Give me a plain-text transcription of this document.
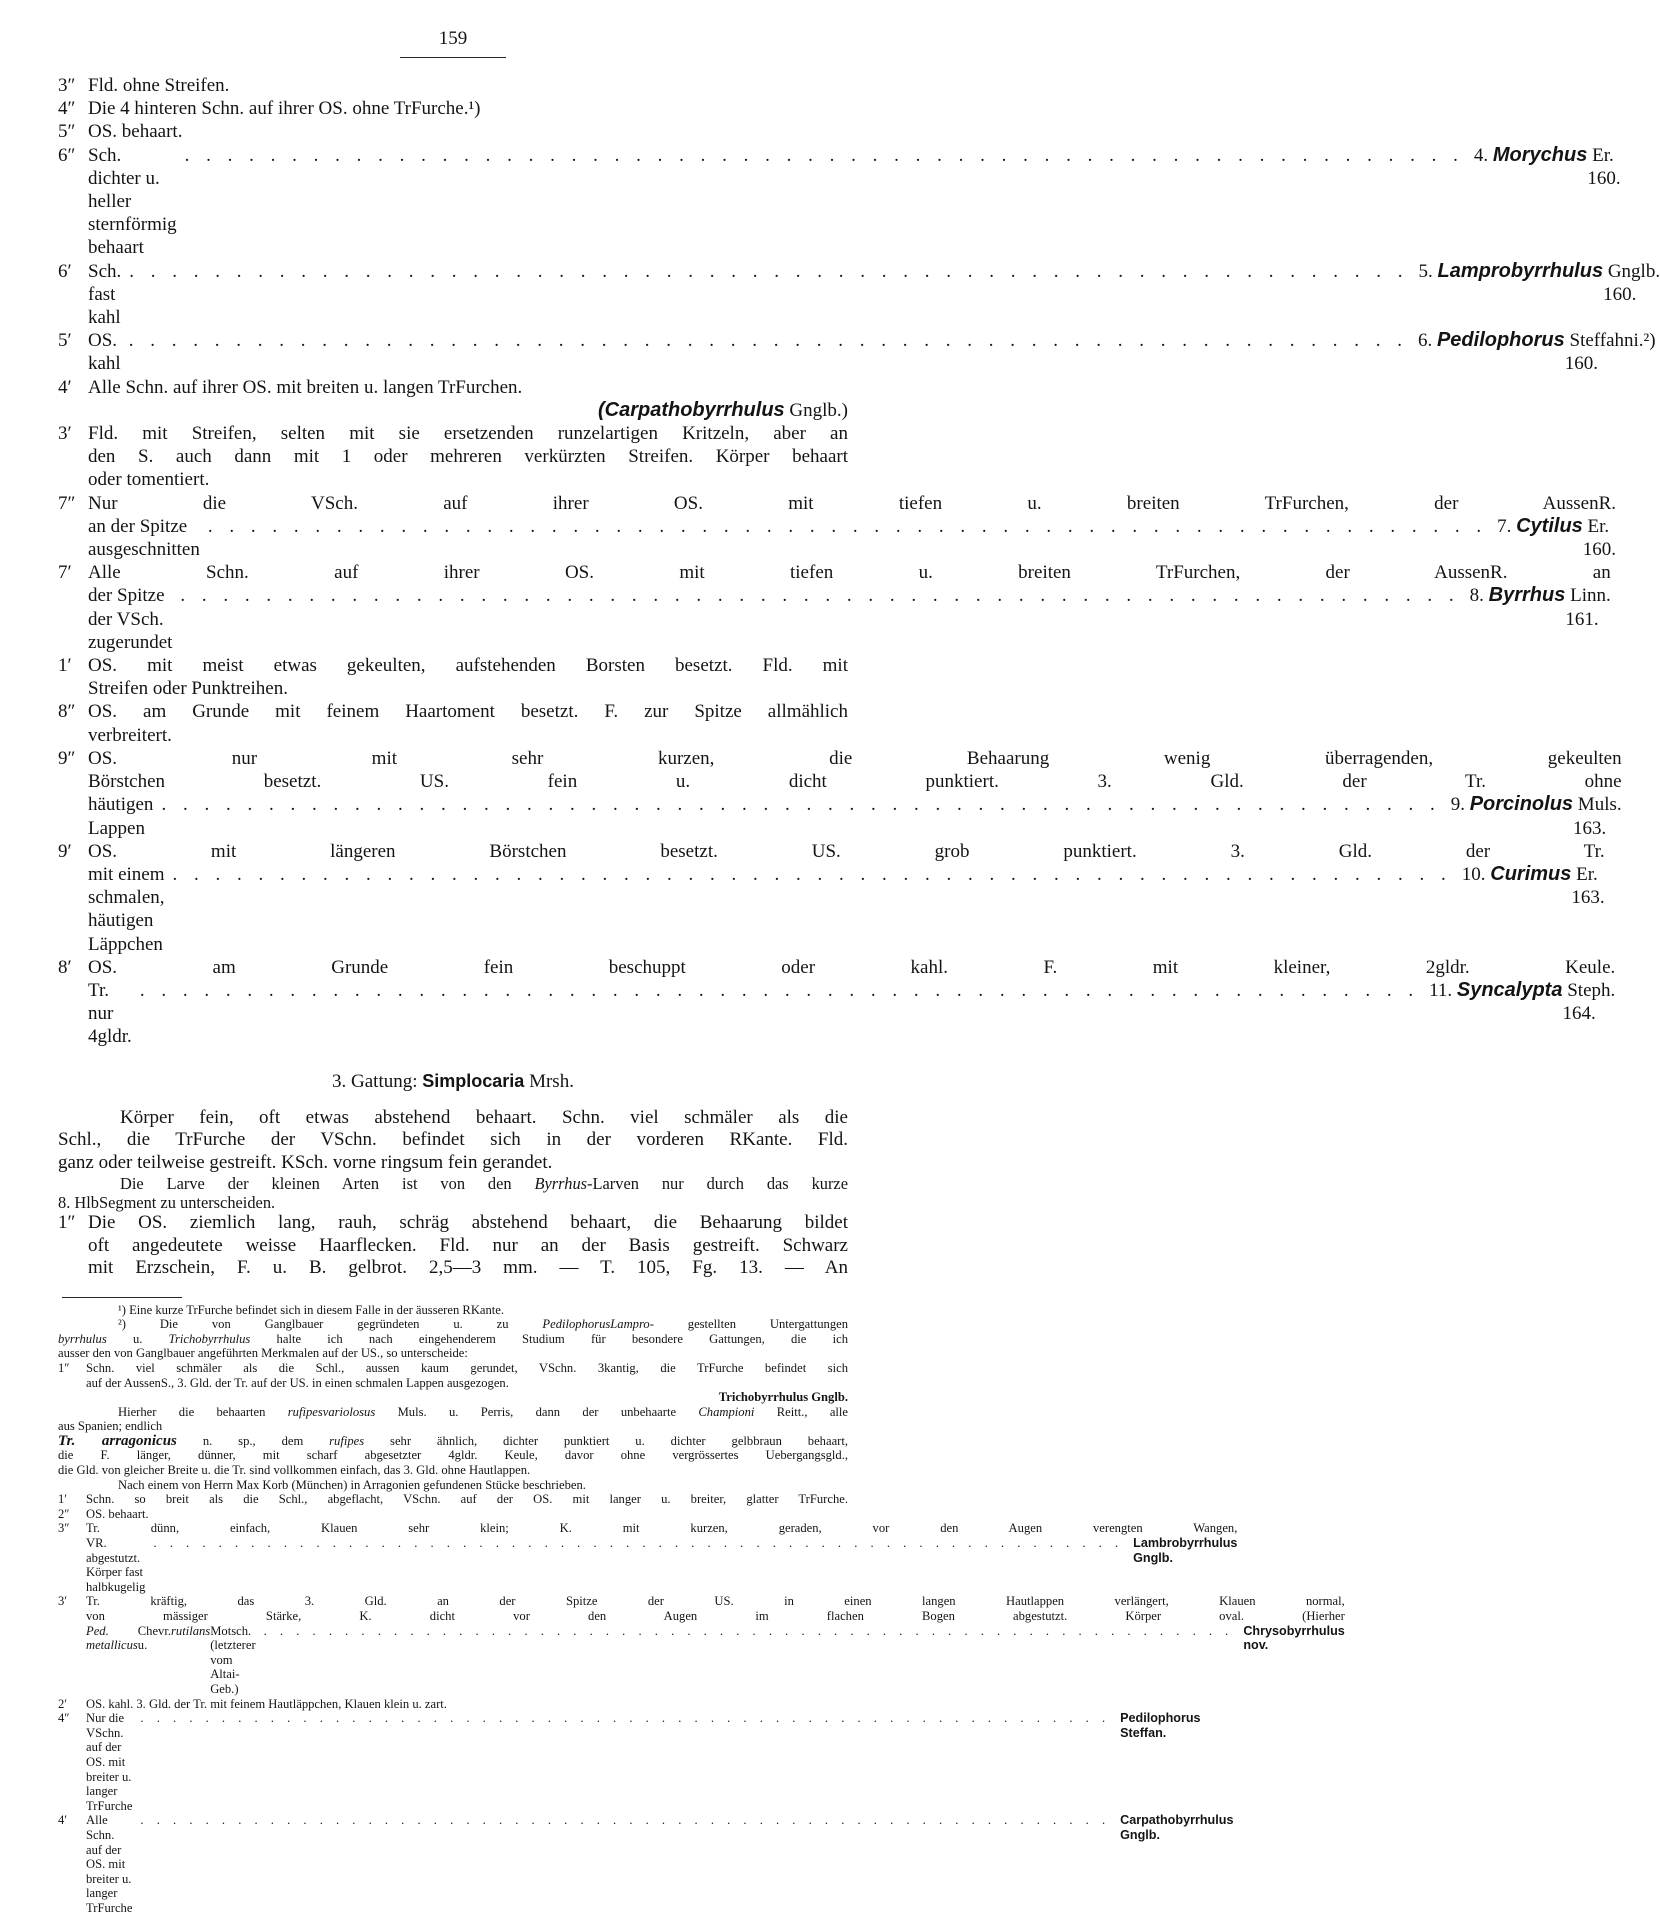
159
3″ Fld. ohne Streifen.
4″ Die 4 hinteren Schn. auf ihrer OS. ohne TrFurche.¹)
5″ OS. behaart.
6″ Sch. dichter u. heller sternförmig behaart
. . . . . . . . . . . . . . . . . . . . . . . . . . . . . . . . . . . . . . . . . . . . . . . . . . . . . . . . . . . . 4. Morychus Er. 160.
6′ Sch. fast kahl
. . . . . . . . . . . . . . . . . . . . . . . . . . . . . . . . . . . . . . . . . . . . . . . . . . . . . . . . . . . . 5. Lamprobyrrhulus Gnglb. 160.
5′ OS. kahl
. . . . . . . . . . . . . . . . . . . . . . . . . . . . . . . . . . . . . . . . . . . . . . . . . . . . . . . . . . . . 6. Pedilophorus Steffahni.²) 160.
4′ Alle Schn. auf ihrer OS. mit breiten u. langen TrFurchen.
(Carpathobyrrhulus Gnglb.)
3′ Fld. mit Streifen, selten mit sie ersetzenden runzelartigen Kritzeln, aber an
den S. auch dann mit 1 oder mehreren verkürzten Streifen. Körper behaart
oder tomentiert.
7″ Nur die VSch. auf ihrer OS. mit tiefen u. breiten TrFurchen, der AussenR.
an der Spitze ausgeschnitten
. . . . . . . . . . . . . . . . . . . . . . . . . . . . . . . . . . . . . . . . . . . . . . . . . . . . . . . . . . . . 7. Cytilus Er. 160.
7′ Alle Schn. auf ihrer OS. mit tiefen u. breiten TrFurchen, der AussenR. an
der Spitze der VSch. zugerundet
. . . . . . . . . . . . . . . . . . . . . . . . . . . . . . . . . . . . . . . . . . . . . . . . . . . . . . . . . . . . 8. Byrrhus Linn. 161.
1′ OS. mit meist etwas gekeulten, aufstehenden Borsten besetzt. Fld. mit
Streifen oder Punktreihen.
8″ OS. am Grunde mit feinem Haartoment besetzt. F. zur Spitze allmählich
verbreitert.
9″ OS. nur mit sehr kurzen, die Behaarung wenig überragenden, gekeulten
Börstchen besetzt. US. fein u. dicht punktiert. 3. Gld. der Tr. ohne
häutigen Lappen
. . . . . . . . . . . . . . . . . . . . . . . . . . . . . . . . . . . . . . . . . . . . . . . . . . . . . . . . . . . . 9. Porcinolus Muls. 163.
9′ OS. mit längeren Börstchen besetzt. US. grob punktiert. 3. Gld. der Tr.
mit einem schmalen, häutigen Läppchen
. . . . . . . . . . . . . . . . . . . . . . . . . . . . . . . . . . . . . . . . . . . . . . . . . . . . . . . . . . . . 10. Curimus Er. 163.
8′ OS. am Grunde fein beschuppt oder kahl. F. mit kleiner, 2gldr. Keule.
Tr. nur 4gldr.
. . . . . . . . . . . . . . . . . . . . . . . . . . . . . . . . . . . . . . . . . . . . . . . . . . . . . . . . . . . . 11. Syncalypta Steph. 164.
3. Gattung: Simplocaria Mrsh.
Körper fein, oft etwas abstehend behaart. Schn. viel schmäler als die
Schl., die TrFurche der VSchn. befindet sich in der vorderen RKante. Fld.
ganz oder teilweise gestreift. KSch. vorne ringsum fein gerandet.
Die Larve der kleinen Arten ist von den Byrrhus-Larven nur durch das kurze
8. HlbSegment zu unterscheiden.
1″ Die OS. ziemlich lang, rauh, schräg abstehend behaart, die Behaarung bildet
oft angedeutete weisse Haarflecken. Fld. nur an der Basis gestreift. Schwarz
mit Erzschein, F. u. B. gelbrot. 2,5—3 mm. — T. 105, Fg. 13. — An
¹) Eine kurze TrFurche befindet sich in diesem Falle in der äusseren RKante.
²) Die von Ganglbauer gegründeten u. zu PedilophorusLampro- gestellten Untergattungen
byrrhulus u. Trichobyrrhulus halte ich nach eingehenderem Studium für besondere Gattungen, die ich
ausser den von Ganglbauer angeführten Merkmalen auf der US., so unterscheide:
1″	Schn. viel schmäler als die Schl., aussen kaum gerundet, VSchn. 3kantig, die TrFurche befindet sich
auf der AussenS., 3. Gld. der Tr. auf der US. in einen schmalen Lappen ausgezogen.
Trichobyrrhulus Gnglb.
Hierher die behaarten rufipesvariolosus Muls. u. Perris, dann der unbehaarte Championi Reitt., alle
aus Spanien; endlich
Tr. arragonicus n. sp., dem rufipes sehr ähnlich, dichter punktiert u. dichter gelbbraun behaart,
die F. länger, dünner, mit scharf abgesetzter 4gldr. Keule, davor ohne vergrössertes Uebergangsgld.,
die Gld. von gleicher Breite u. die Tr. sind vollkommen einfach, das 3. Gld. ohne Hautlappen.
Nach einem von Herrn Max Korb (München) in Arragonien gefundenen Stücke beschrieben.
1′	Schn. so breit als die Schl., abgeflacht, VSchn. auf der OS. mit langer u. breiter, glatter TrFurche.
2″	OS. behaart.
3″	Tr. dünn, einfach, Klauen sehr klein; K. mit kurzen, geraden, vor den Augen verengten Wangen,
VR. abgestutzt. Körper fast halbkugelig
. . . . . . . . . . . . . . . . . . . . . . . . . . . . . . . . . . . . . . . . . . . . . . . . . . . . . . . . . . . . Lambrobyrrhulus Gnglb.
3′	Tr. kräftig, das 3. Gld. an der Spitze der US. in einen langen Hautlappen verlängert, Klauen normal,
von mässiger Stärke, K. dicht vor den Augen im flachen Bogen abgestutzt. Körper oval. (Hierher
Ped. metallicus
Chevr. u.
rutilans Motsch. (letzterer vom Altai-Geb.)
. . . . . . . . . . . . . . . . . . . . . . . . . . . . . . . . . . . . . . . . . . . . . . . . . . . . . . . . . . . . Chrysobyrrhulus nov.
2′	OS. kahl. 3. Gld. der Tr. mit feinem Hautläppchen, Klauen klein u. zart.
4″	Nur die VSchn. auf der OS. mit breiter u. langer TrFurche
. . . . . . . . . . . . . . . . . . . . . . . . . . . . . . . . . . . . . . . . . . . . . . . . . . . . . . . . . . . . Pedilophorus Steffan.
4′	Alle Schn. auf der OS. mit breiter u. langer TrFurche
. . . . . . . . . . . . . . . . . . . . . . . . . . . . . . . . . . . . . . . . . . . . . . . . . . . . . . . . . . . . Carpathobyrrhulus Gnglb.
